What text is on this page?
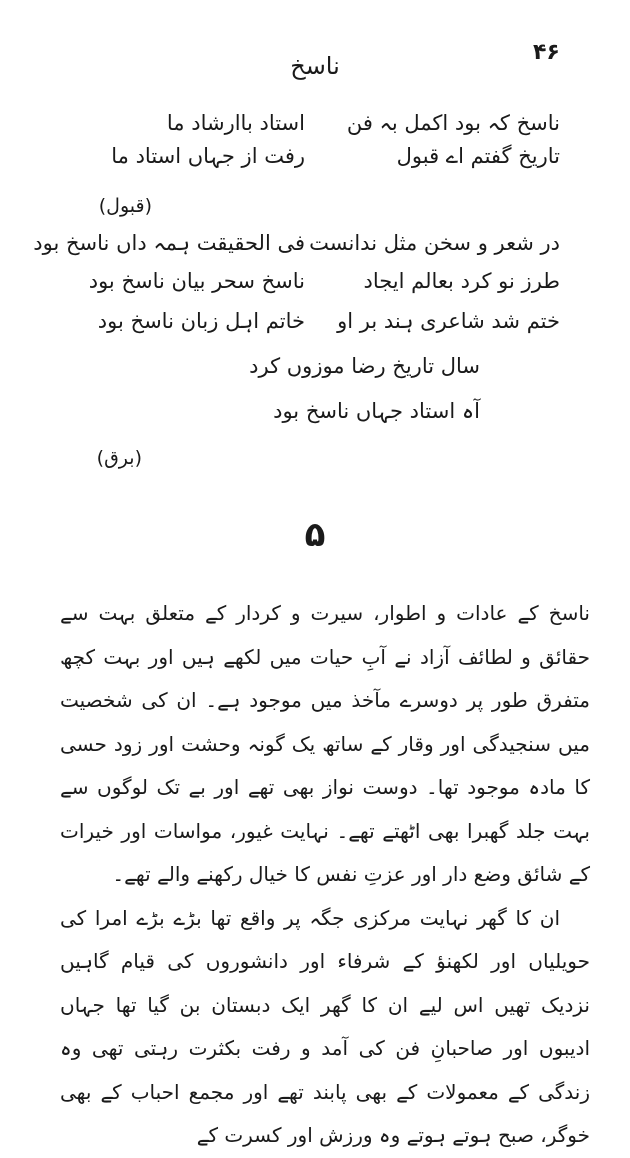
۴۶
ناسخ
ناسخ کہ بود اکمل بہ فن
استاد باارشاد ما
تاریخ گفتم اے قبول
رفت از جہاں استاد ما
(قبول)
در شعر و سخن مثل ندانست
فی الحقیقت ہمہ داں ناسخ بود
طرز نو کرد بعالم ایجاد
ناسخ سحر بیان ناسخ بود
ختم شد شاعری ہند بر او
خاتم اہل زبان ناسخ بود
سال تاریخ رضا موزوں کرد
آہ استاد جہاں ناسخ بود
(برق)
۵

ناسخ کے عادات و اطوار، سیرت و کردار کے متعلق بہت سے حقائق و لطائف آزاد نے آبِ حیات میں لکھے ہیں اور بہت کچھ متفرق طور پر دوسرے مآخذ میں موجود ہے۔ ان کی شخصیت میں سنجیدگی اور وقار کے ساتھ یک گونہ وحشت اور زود حسی کا مادہ موجود تھا۔ دوست نواز بھی تھے اور بے تک لوگوں سے بہت جلد گھبرا بھی اٹھتے تھے۔ نہایت غیور، مواسات اور خیرات کے شائق وضع دار اور عزتِ نفس کا خیال رکھنے والے تھے۔

ان کا گھر نہایت مرکزی جگہ پر واقع تھا بڑے بڑے امرا کی حویلیاں اور لکھنؤ کے شرفاء اور دانشوروں کی قیام گاہیں نزدیک تھیں اس لیے ان کا گھر ایک دبستان بن گیا تھا جہاں ادیبوں اور صاحبانِ فن کی آمد و رفت بکثرت رہتی تھی وہ زندگی کے معمولات کے بھی پابند تھے اور مجمع احباب کے بھی خوگر، صبح ہوتے ہوتے وہ ورزش اور کسرت کے
